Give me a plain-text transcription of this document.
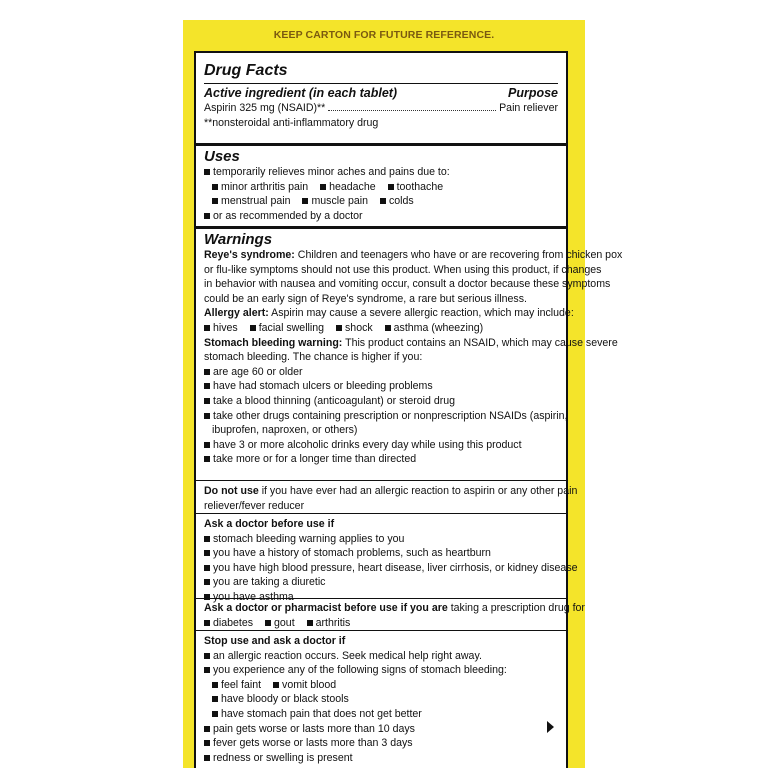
KEEP CARTON FOR FUTURE REFERENCE.
Drug Facts
Active ingredient (in each tablet)	Purpose
Aspirin 325 mg (NSAID)**	Pain reliever
**nonsteroidal anti-inflammatory drug
Uses
temporarily relieves minor aches and pains due to:
minor arthritis pain headache toothache
menstrual pain muscle pain colds
or as recommended by a doctor
Warnings
Reye's syndrome: Children and teenagers who have or are recovering from chicken pox
or flu-like symptoms should not use this product. When using this product, if changes
in behavior with nausea and vomiting occur, consult a doctor because these symptoms
could be an early sign of Reye's syndrome, a rare but serious illness.
Allergy alert: Aspirin may cause a severe allergic reaction, which may include:
hives facial swelling shock asthma (wheezing)
Stomach bleeding warning: This product contains an NSAID, which may cause severe
stomach bleeding. The chance is higher if you:
are age 60 or older
have had stomach ulcers or bleeding problems
take a blood thinning (anticoagulant) or steroid drug
take other drugs containing prescription or nonprescription NSAIDs (aspirin,
ibuprofen, naproxen, or others)
have 3 or more alcoholic drinks every day while using this product
take more or for a longer time than directed
Do not use if you have ever had an allergic reaction to aspirin or any other pain
reliever/fever reducer
Ask a doctor before use if
stomach bleeding warning applies to you
you have a history of stomach problems, such as heartburn
you have high blood pressure, heart disease, liver cirrhosis, or kidney disease
you are taking a diuretic
you have asthma
Ask a doctor or pharmacist before use if you are taking a prescription drug for
diabetes gout arthritis
Stop use and ask a doctor if
an allergic reaction occurs. Seek medical help right away.
you experience any of the following signs of stomach bleeding:
feel faint vomit blood
have bloody or black stools
have stomach pain that does not get better
pain gets worse or lasts more than 10 days
fever gets worse or lasts more than 3 days
redness or swelling is present
